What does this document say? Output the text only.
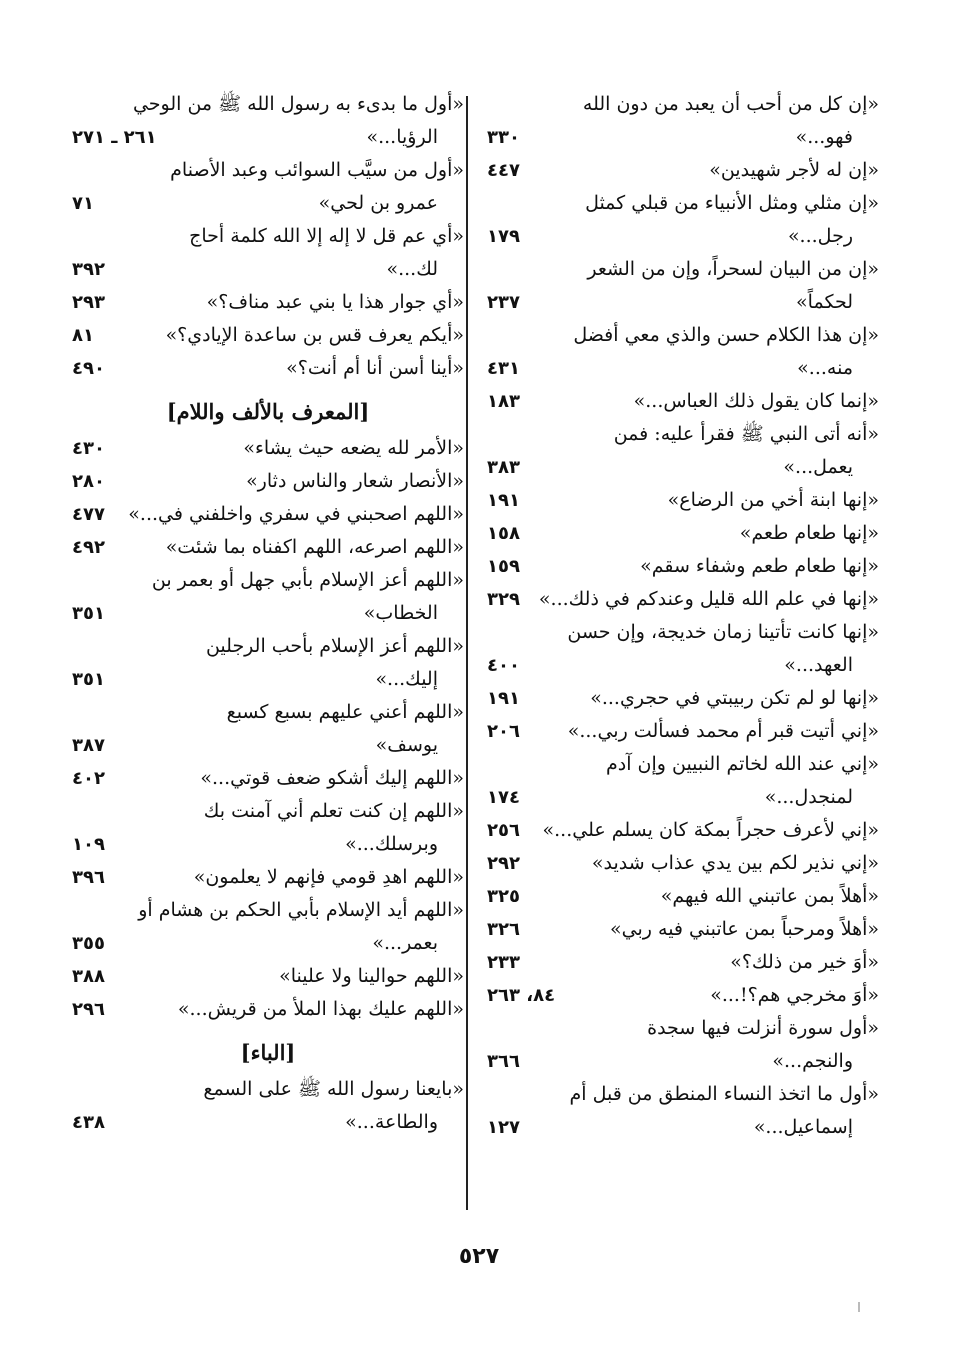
«إن كل من أحب أن يعبد من دون الله
فهو...»
٣٣٠
«إن له لأجر شهيدين»
٤٤٧
«إن مثلي ومثل الأنبياء من قبلي كمثل
رجل...»
١٧٩
«إن من البيان لسحراً، وإن من الشعر
لحكماً»
٢٣٧
«إن هذا الكلام حسن والذي معي أفضل
منه...»
٤٣١
«إنما كان يقول ذلك العباس...»
١٨٣
«أنه أتى النبي ﷺ فقرأ عليه: فمن
يعمل...»
٣٨٣
«إنها ابنة أخي من الرضاع»
١٩١
«إنها طعام طعم»
١٥٨
«إنها طعام طعم وشفاء سقم»
١٥٩
«إنها في علم الله قليل وعندكم في ذلك...»
٣٢٩
«إنها كانت تأتينا زمان خديجة، وإن حسن
العهد...»
٤٠٠
«إنها لو لم تكن ربيبتي في حجري...»
١٩١
«إني أتيت قبر أم محمد فسألت ربي...»
٢٠٦
«إني عند الله لخاتم النبيين وإن آدم
لمنجدل...»
١٧٤
«إني لأعرف حجراً بمكة كان يسلم علي...»
٢٥٦
«إني نذير لكم بين يدي عذاب شديد»
٢٩٢
«أهلاً بمن عاتبني الله فيهم»
٣٢٥
«أهلاً ومرحباً بمن عاتبني فيه ربي»
٣٢٦
«أوَ خير من ذلك؟»
٢٣٣
«أوَ مخرجي هم؟!...»
٨٤، ٢٦٣
«أول سورة أنزلت فيها سجدة
والنجم...»
٣٦٦
«أول ما اتخذ النساء المنطق من قبل أم
إسماعيل...»
١٢٧
«أول ما بدىء به رسول الله ﷺ من الوحي
الرؤيا...»
٢٦١ ـ ٢٧١
«أول من سيَّب السوائب وعبد الأصنام
عمرو بن لحي»
٧١
«أي عم قل لا إله إلا الله كلمة أحاج
لك...»
٣٩٢
«أي جوار هذا يا بني عبد مناف؟»
٢٩٣
«أيكم يعرف قس بن ساعدة الإيادي؟»
٨١
«أينا أسن أنا أم أنت؟»
٤٩٠
[المعرف بالألف واللام]
«الأمر لله يضعه حيث يشاء»
٤٣٠
«الأنصار شعار والناس دثار»
٢٨٠
«اللهم اصحبني في سفري واخلفني في...»
٤٧٧
«اللهم اصرعه، اللهم اكفناه بما شئت»
٤٩٢
«اللهم أعز الإسلام بأبي جهل أو بعمر بن
الخطاب»
٣٥١
«اللهم أعز الإسلام بأحب الرجلين
إليك...»
٣٥١
«اللهم أعني عليهم بسبع كسبع
يوسف»
٣٨٧
«اللهم إليك أشكو ضعف قوتي...»
٤٠٢
«اللهم إن كنت تعلم أني آمنت بك
وبرسلك...»
١٠٩
«اللهم اهدِ قومي فإنهم لا يعلمون»
٣٩٦
«اللهم أيد الإسلام بأبي الحكم بن هشام أو
بعمر...»
٣٥٥
«اللهم حوالينا ولا علينا»
٣٨٨
«اللهم عليك بهذا الملأ من قريش...»
٢٩٦
[الباء]
«بايعنا رسول الله ﷺ على السمع
والطاعة...»
٤٣٨
٥٢٧
